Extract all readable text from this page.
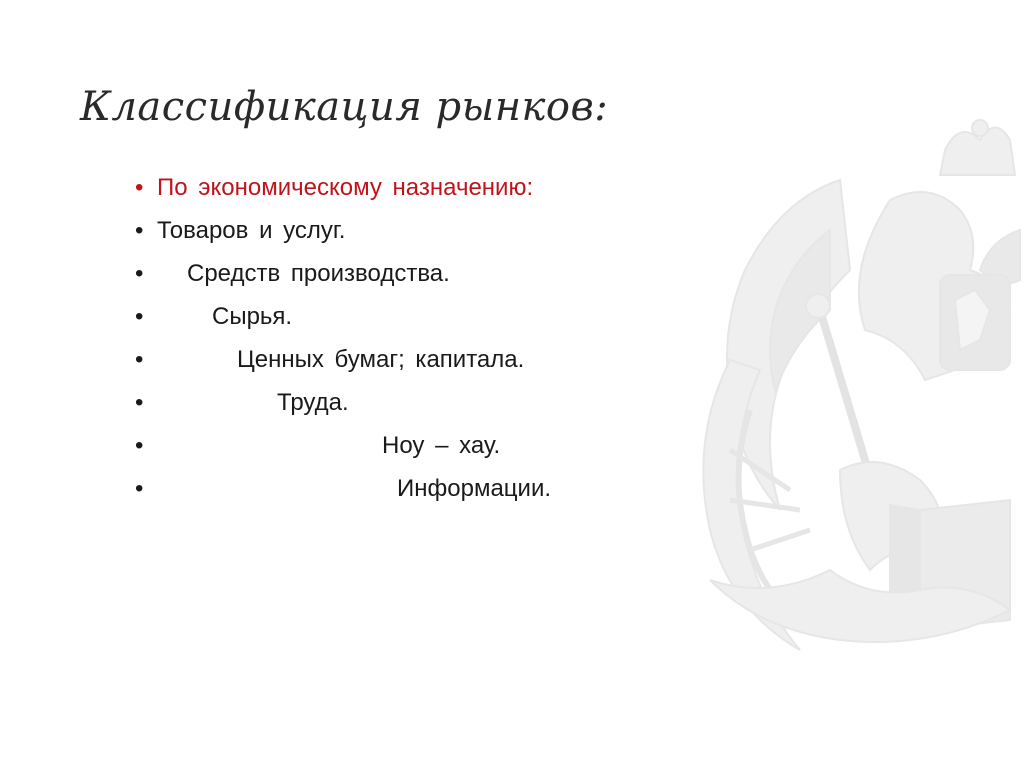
Классификация рынков:
• По экономическому назначению:
• Товаров и услуг.
• Средств производства.
•	Сырья.
•	Ценных бумаг; капитала.
•	Труда.
•	Ноу – хау.
•	Информации.
